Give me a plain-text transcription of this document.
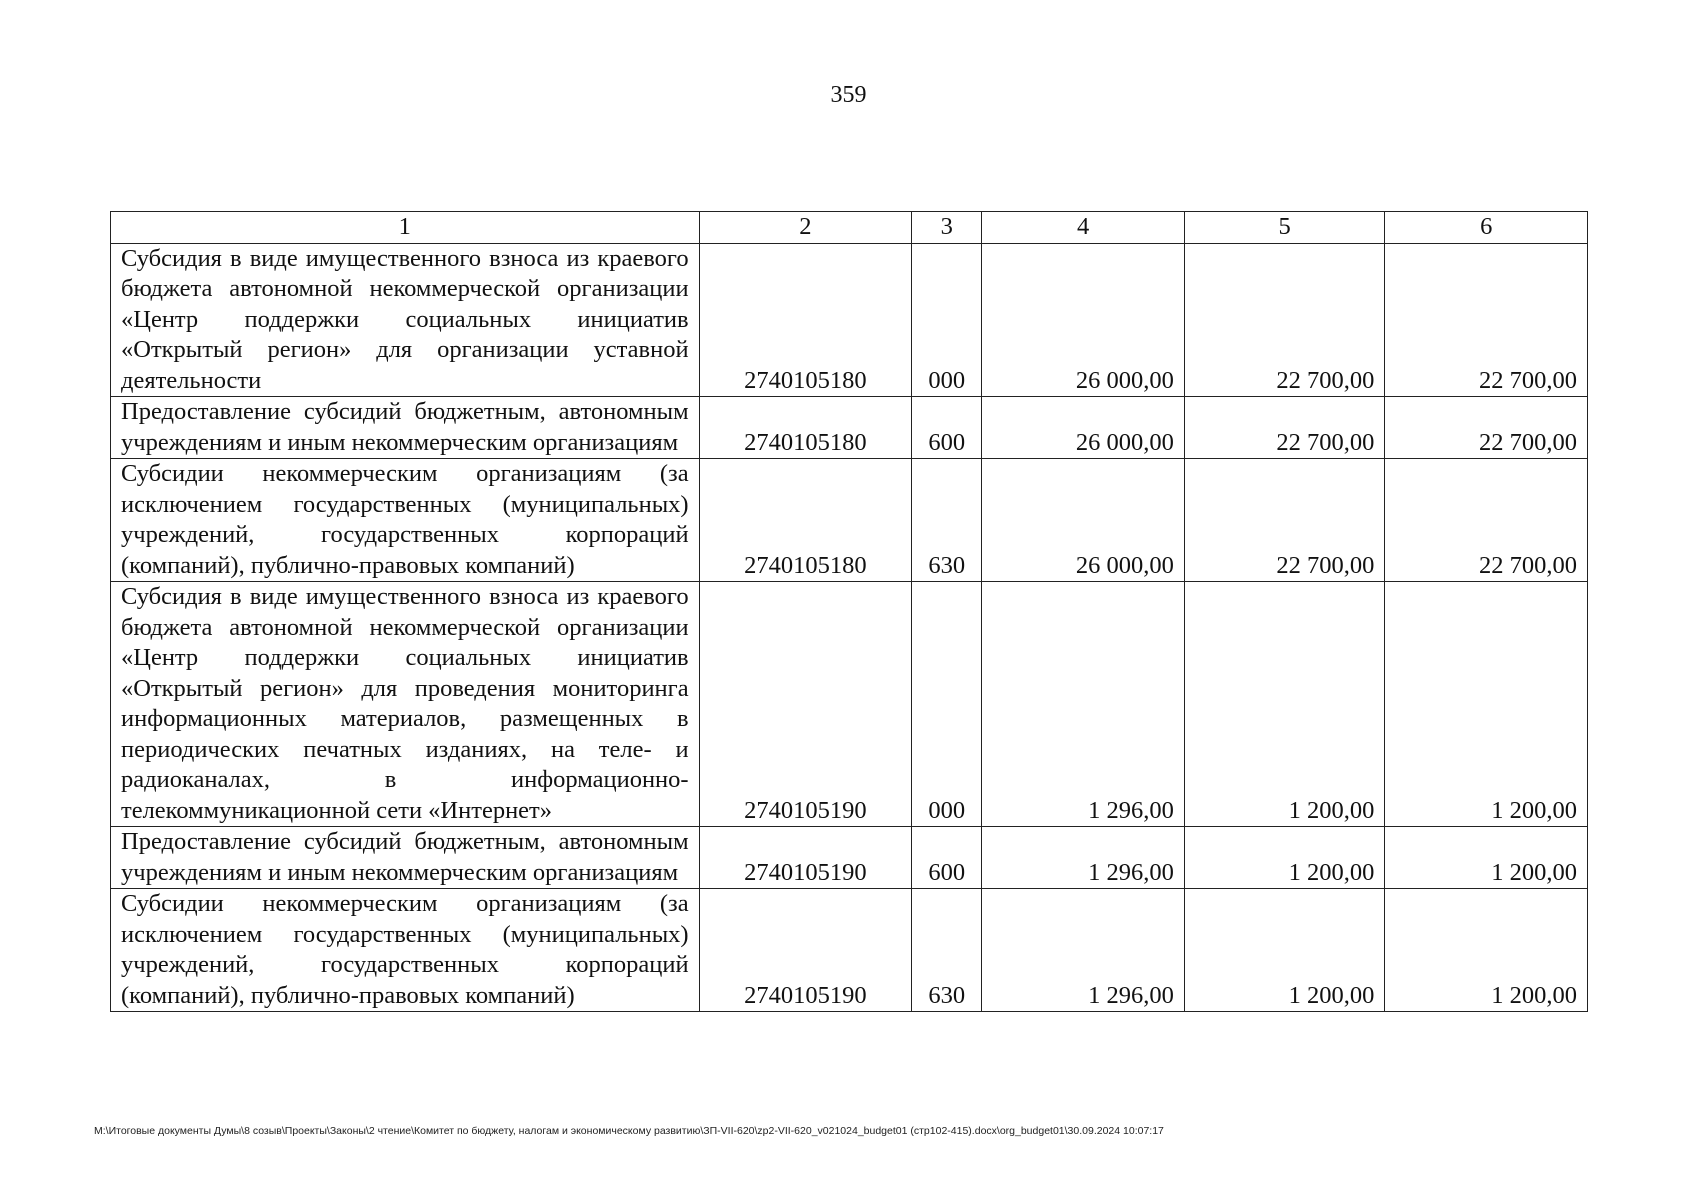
359
1	2	3	4	5	6
Субсидия в виде имущественного взноса из краевого бюджета автономной некоммерческой организации «Центр поддержки социальных инициатив «Открытый регион» для организации уставной деятельности	2740105180	000	26 000,00	22 700,00	22 700,00
Предоставление субсидий бюджетным, автономным учреждениям и иным некоммерческим организациям	2740105180	600	26 000,00	22 700,00	22 700,00
Субсидии некоммерческим организациям (за исключением государственных (муниципальных) учреждений, государственных корпораций (компаний), публично-правовых компаний)	2740105180	630	26 000,00	22 700,00	22 700,00
Субсидия в виде имущественного взноса из краевого бюджета автономной некоммерческой организации «Центр поддержки социальных инициатив «Открытый регион» для проведения мониторинга информационных материалов, размещенных в периодических печатных изданиях, на теле- и радиоканалах, в информационно-телекоммуникационной сети «Интернет»	2740105190	000	1 296,00	1 200,00	1 200,00
Предоставление субсидий бюджетным, автономным учреждениям и иным некоммерческим организациям	2740105190	600	1 296,00	1 200,00	1 200,00
Субсидии некоммерческим организациям (за исключением государственных (муниципальных) учреждений, государственных корпораций (компаний), публично-правовых компаний)	2740105190	630	1 296,00	1 200,00	1 200,00
M:\Итоговые документы Думы\8 созыв\Проекты\Законы\2 чтение\Комитет по бюджету, налогам и экономическому развитию\ЗП-VII-620\zp2-VII-620_v021024_budget01 (стр102-415).docx\org_budget01\30.09.2024 10:07:17
